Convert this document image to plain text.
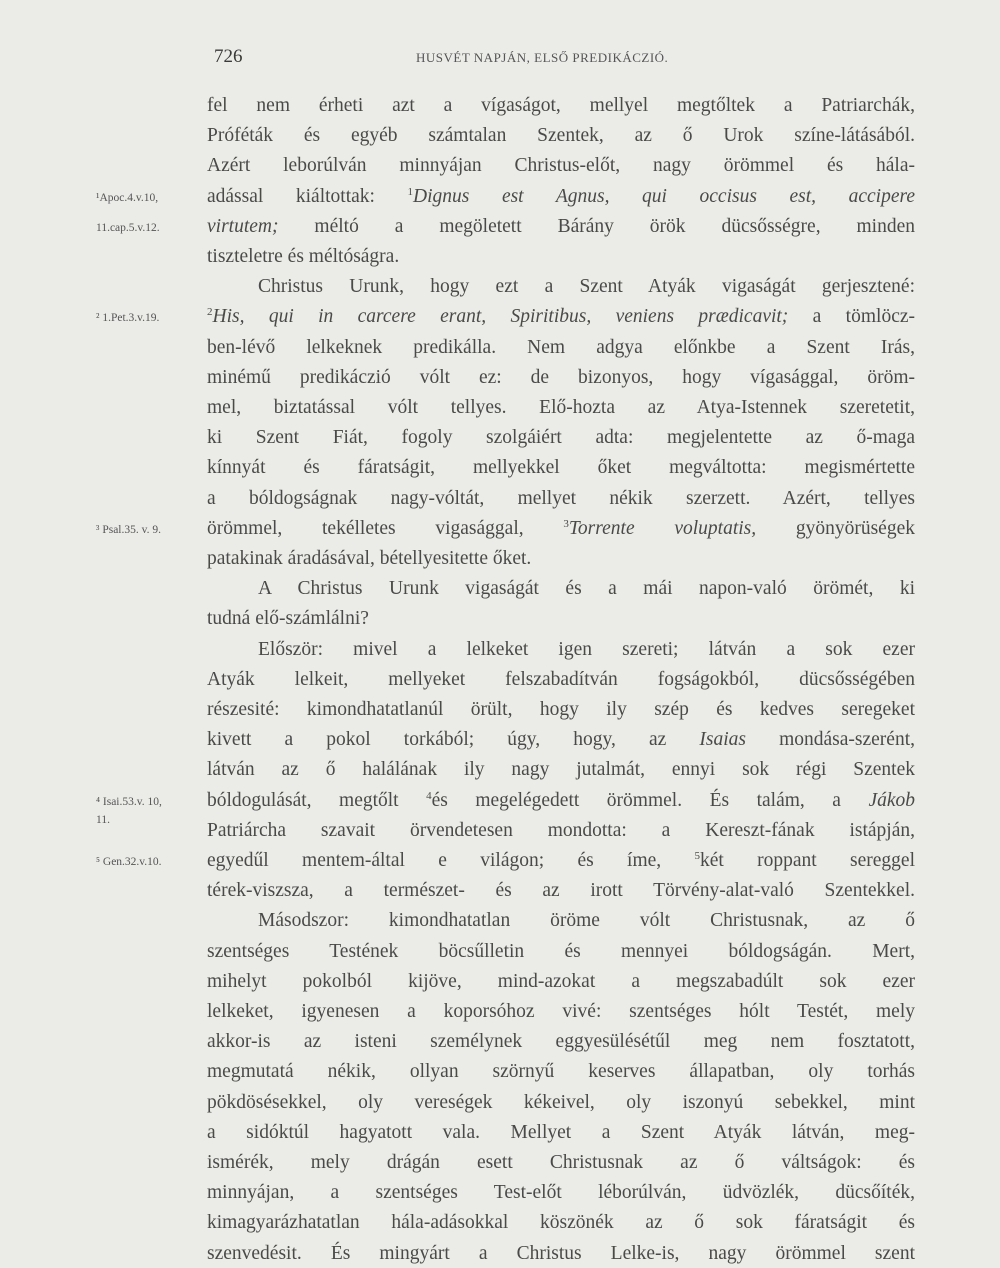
726	HUSVÉT NAPJÁN, ELSŐ PREDIKÁCZIÓ.
fel nem érheti azt a vígaságot, mellyel megtőltek a Patriarchák,
Próféták és egyéb számtalan Szentek, az ő Urok színe-látásából.
Azért leborúlván minnyájan Christus-előt, nagy örömmel és hála-
adással kiáltottak: $^1$Dignus est Agnus, qui occisus est, accipere
virtutem; méltó a megöletett Bárány örök dücsősségre, minden
tiszteletre és méltóságra.
Christus Urunk, hogy ezt a Szent Atyák vigaságát gerjesztené:
$^2$His, qui in carcere erant, Spiritibus, veniens prædicavit; a tömlöcz-
ben-lévő lelkeknek predikálla. Nem adgya előnkbe a Szent Irás,
minémű predikáczió vólt ez: de bizonyos, hogy vígasággal, öröm-
mel, biztatással vólt tellyes. Elő-hozta az Atya-Istennek szeretetit,
ki Szent Fiát, fogoly szolgáiért adta: megjelentette az ő-maga
kínnyát és fáratságit, mellyekkel őket megváltotta: megismértette
a bóldogságnak nagy-vóltát, mellyet nékik szerzett. Azért, tellyes
örömmel, tekélletes vigasággal, $^3$Torrente voluptatis, gyönyörüségek
patakinak áradásával, bétellyesitette őket.
A Christus Urunk vigaságát és a mái napon-való örömét, ki
tudná elő-számlálni?
Először: mivel a lelkeket igen szereti; látván a sok ezer
Atyák lelkeit, mellyeket felszabadítván fogságokból, dücsősségében
részesité: kimondhatatlanúl örült, hogy ily szép és kedves seregeket
kivett a pokol torkából; úgy, hogy, az Isaias mondása-szerént,
látván az ő halálának ily nagy jutalmát, ennyi sok régi Szentek
bóldogulását, megtőlt $^4$és megelégedett örömmel. És talám, a Jákob
Patriárcha szavait örvendetesen mondotta: a Kereszt-fának istápján,
egyedűl mentem-által e világon; és íme, $^5$két roppant sereggel
térek-viszsza, a természet- és az irott Törvény-alat-való Szentekkel.
Másodszor: kimondhatatlan öröme vólt Christusnak, az ő
szentséges Testének böcsűlletin és mennyei bóldogságán. Mert,
mihelyt pokolból kijöve, mind-azokat a megszabadúlt sok ezer
lelkeket, igyenesen a koporsóhoz vivé: szentséges hólt Testét, mely
akkor-is az isteni személynek eggyesülésétűl meg nem fosztatott,
megmutatá nékik, ollyan szörnyű keserves állapatban, oly torhás
pökdösésekkel, oly vereségek kékeivel, oly iszonyú sebekkel, mint
a sidóktúl hagyatott vala. Mellyet a Szent Atyák látván, meg-
ismérék, mely drágán esett Christusnak az ő váltságok: és
minnyájan, a szentséges Test-előt léborúlván, üdvözlék, dücsőíték,
kimagyarázhatatlan hála-adásokkal köszönék az ő sok fáratságit és
szenvedésit. És mingyárt a Christus Lelke-is, nagy örömmel szent
¹Apoc.4.v.10,
11.cap.5.v.12.
² 1.Pet.3.v.19.
³ Psal.35. v. 9.
⁴ Isai.53.v. 10,
11.
⁵ Gen.32.v.10.
